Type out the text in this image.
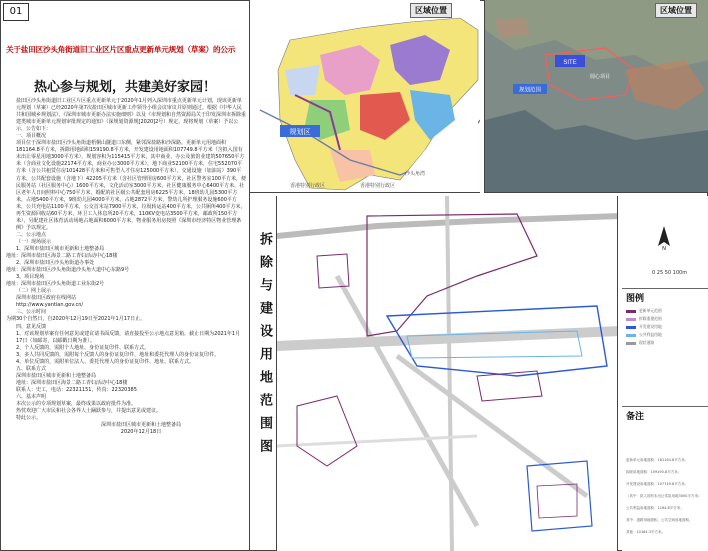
01
关于盐田区沙头角街道旧工业区片区重点更新单元规划（草案）的公示
热心参与规划，共建美好家园！

盐田区沙头角街道旧工业区片区重点更新单元于2020年1月列入深圳市重点更新单元计划，现该更新单元规划（草案）已经2020年第7次盐田区城市更新工作领导小组会议审议并原则通过。根据《中华人民共和国城乡规划法》、《深圳市城市更新办法实施细则》以及《市规划和自然资源局关于印发深圳市拆除重建类城市更新单元规划审批规定的通知》（深规划资源规[2020]2号）规定，现将规划（草案）予以公示，公告如下：

一、项目概况

项目位于深圳市盐田区沙头角街道梧桐山隧道口东侧，紧邻深盐路和沙深路。更新单元用地面积181164.8平方米，拆除用地面积159190.8平方米，开发建设用地面积107749.8平方米（含拟入国有未出让零星用地3000平方米），规划容积为115415平方米，其中商业、办公及旅馆业建筑507650平方米（含商业文化设施22174平方米，商业办公3000平方米），地下商业52100平方米，住宅552070平方米（含公共租赁住房101428平方米和可售型人才住房125000平方米），交通设施（加油站）390平方米，公共配套设施（含地下）42205平方米（含社区管理用房600平方米，社区警务室100平方米，便民服务站（社区服务中心）1600平方米，文化活动室3000平方米，社区健康服务中心6400平方米，社区老年人日间照料中心750平方米，婚配的社区级公共配套用房6225平方米，18班幼儿园5300平方米，占地5400平方米，9班幼儿园4000平方米，占地2872平方米，警幼儿所护理服务设施600平方米，公共充电站1100平方米，公交首末站7900平方米，垃圾转运站400平方米，公共厕所400平方米，再生资源回收站60平方米，环卫工人休息所20平方米，110KV变电站3500平方米，邮政所150平方米），另配建社区体育活动场地占地面积6000平方米，物业服务用房按照《深圳市经济特区物业管理条例》予以规定。

二、公示地点

（一）现场展示

1、深圳市盐田区城市更新和土地整备局

地址：深圳市盐田区海景二路工青妇活动中心18楼

2、深圳市盐田区沙头角街道办事处

地址：深圳市盐田区沙头角街道沙头角大道中心东路9号

3、项目现场

地址：深圳市盐田区沙头角街道工业东街2号

（二）网上展示

深圳市盐田区政府在线网站

http://www.yantian.gov.cn/

三、公示时间

为期30个自然日，自2020年12月19日至2021年1月17日止。

四、意见反馈

1、对该规划草案有任何意见或建议请书面反馈，请直接投至公示地点意见箱，截止日期为2021年1月17日（如邮寄，以邮戳日期为准）。

2、个人反馈的，需附个人地址、身份证复印件、联系方式。

3、多人共同反馈的，需附每个反馈人的身份证复印件，地址和委托代理人的身份证复印件。

4、单位反馈的，需附单位法人、委托代理人的身份证复印件、地址、联系方式。

五、联系方式

深圳市盐田区城市更新和土地整备局

地址：深圳市盐田区海景二路工青妇活动中心18楼

联系人：史工，电话：22321151，传真：22320385

六、基本声明

本次公示的专项规划草案，最终成果以政府批件为准。

热忱欢迎广大市民和社会各界人士踊跃参与，并提出意见或建议。

特此公示。

深圳市盐田区城市更新和土地整备局

2020年12月18日

规划区
沙头角湾
香港特别行政区
香港特别行政区
区域位置
SITE
圆心项目
规划范围
区域位置
拆除与建设用地范围图	N
0 25 50 100m
图例
更新单元范围
拆除重建范围
开发建设用地
公共利益用地
现状道路
备注
更新单元用地面积：181164.8平方米；
拆除用地面积：159190.8平方米；
开发建设用地面积：107749.8平方米；
（其中：拟入国有未出让零星用地3000平方米）
公共利益用地面积：1164.8平方米；
其中：道路用地面积，公共空间用地面积，
其他：10164.3平方米。
